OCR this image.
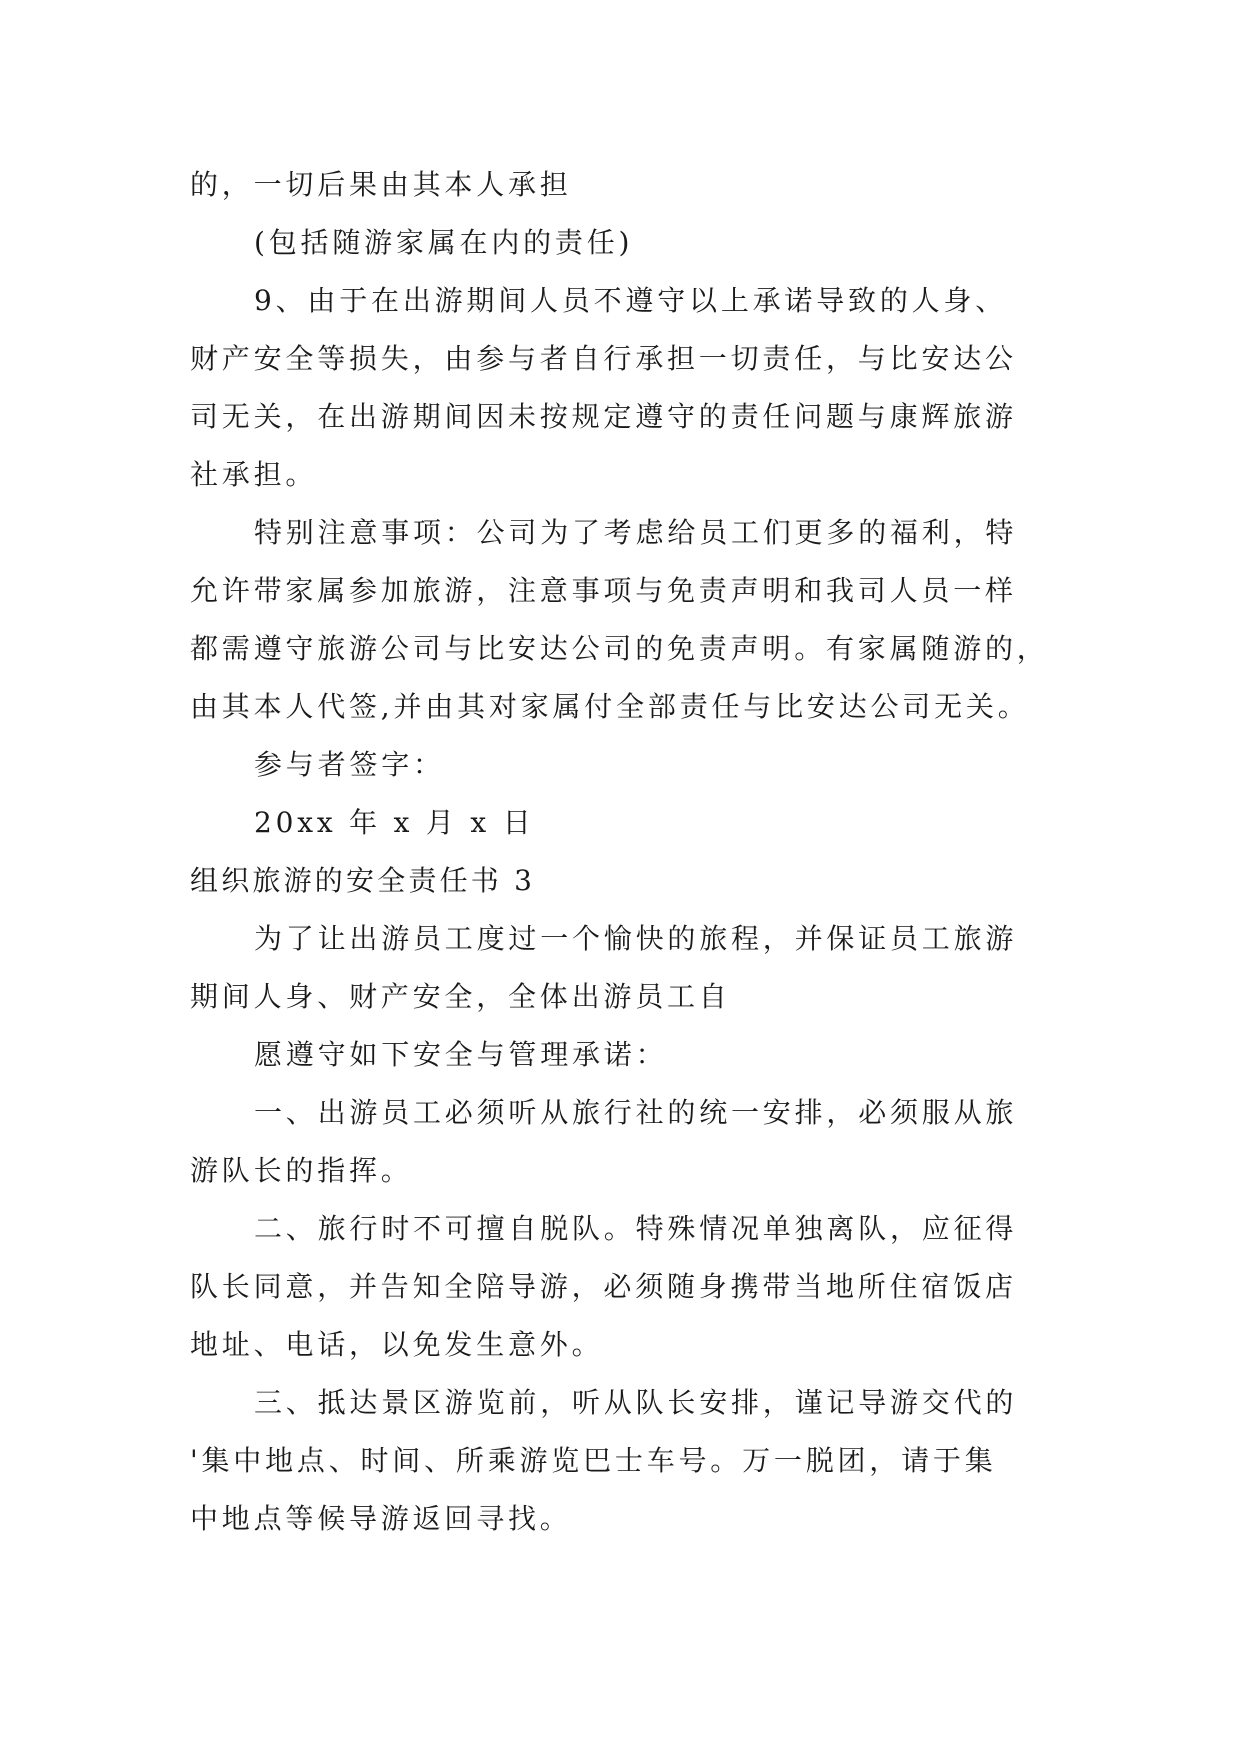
的，一切后果由其本人承担
(包括随游家属在内的责任)
9、由于在出游期间人员不遵守以上承诺导致的人身、
财产安全等损失，由参与者自行承担一切责任，与比安达公
司无关，在出游期间因未按规定遵守的责任问题与康辉旅游
社承担。
特别注意事项：公司为了考虑给员工们更多的福利，特
允许带家属参加旅游，注意事项与免责声明和我司人员一样
都需遵守旅游公司与比安达公司的免责声明。有家属随游的，
由其本人代签,并由其对家属付全部责任与比安达公司无关。
参与者签字：
20xx 年 x 月 x 日
组织旅游的安全责任书 3
为了让出游员工度过一个愉快的旅程，并保证员工旅游
期间人身、财产安全，全体出游员工自
愿遵守如下安全与管理承诺：
一、出游员工必须听从旅行社的统一安排，必须服从旅
游队长的指挥。
二、旅行时不可擅自脱队。特殊情况单独离队，应征得
队长同意，并告知全陪导游，必须随身携带当地所住宿饭店
地址、电话，以免发生意外。
三、抵达景区游览前，听从队长安排，谨记导游交代的
'集中地点、时间、所乘游览巴士车号。万一脱团，请于集
中地点等候导游返回寻找。
